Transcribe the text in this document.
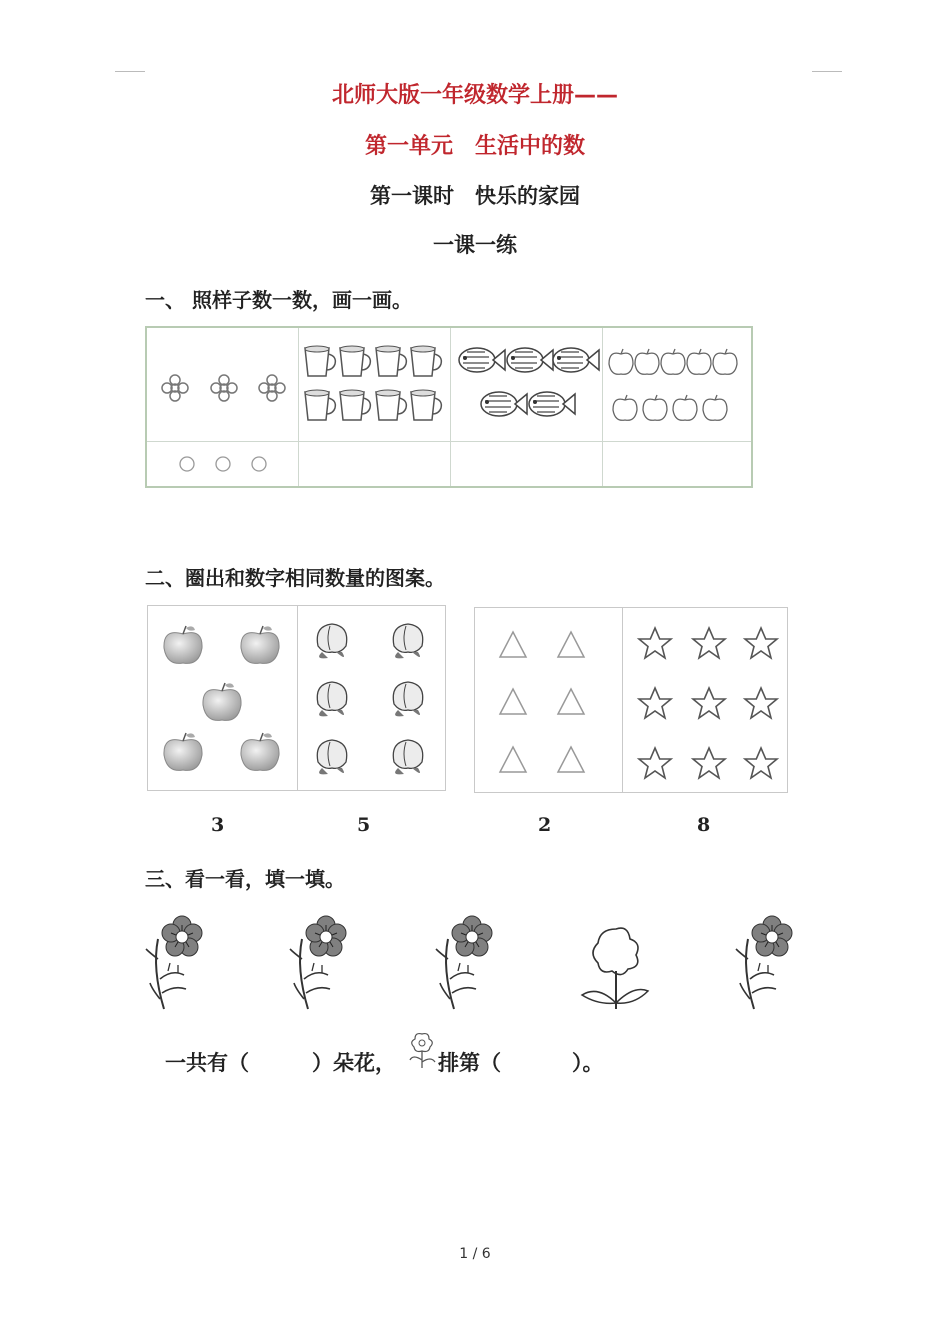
北师大版一年级数学上册——
第一单元　生活中的数
第一课时　快乐的家园
一课一练
一、 照样子数一数，画一画。
二、圈出和数字相同数量的图案。
3	5	2	8
三、看一看，填一填。
一共有（	）朵花， 排第（	）。
1 / 6
